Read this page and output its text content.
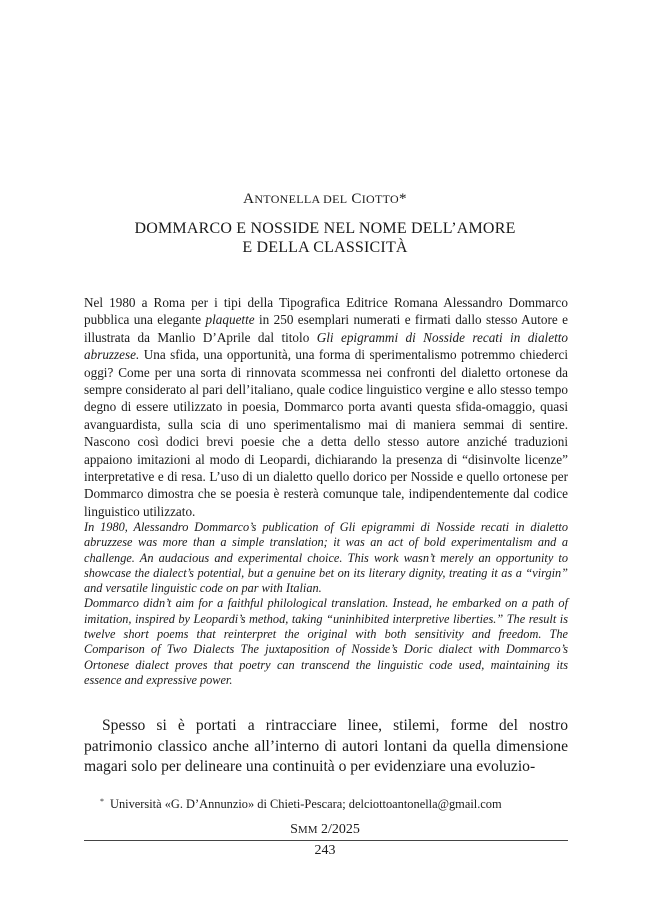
ANTONELLA DEL CIOTTO*
DOMMARCO E NOSSIDE NEL NOME DELL’AMORE
E DELLA CLASSICITÀ
Nel 1980 a Roma per i tipi della Tipografica Editrice Romana Alessandro Dommarco pubblica una elegante plaquette in 250 esemplari numerati e firmati dallo stesso Autore e illustrata da Manlio D’Aprile dal titolo Gli epigrammi di Nosside recati in dialetto abruzzese. Una sfida, una opportunità, una forma di sperimentalismo potremmo chiederci oggi? Come per una sorta di rinnovata scommessa nei confronti del dialetto ortonese da sempre considerato al pari dell’italiano, quale codice linguistico vergine e allo stesso tempo degno di essere utilizzato in poesia, Dommarco porta avanti questa sfida-omaggio, quasi avanguardista, sulla scia di uno sperimentalismo mai di maniera semmai di sentire. Nascono così dodici brevi poesie che a detta dello stesso autore anziché traduzioni appaiono imitazioni al modo di Leopardi, dichiarando la presenza di “disinvolte licenze” interpretative e di resa. L’uso di un dialetto quello dorico per Nosside e quello ortonese per Dommarco dimostra che se poesia è resterà comunque tale, indipendentemente dal codice linguistico utilizzato.

In 1980, Alessandro Dommarco’s publication of Gli epigrammi di Nosside recati in dialetto abruzzese was more than a simple translation; it was an act of bold experimentalism and a challenge. An audacious and experimental choice. This work wasn’t merely an opportunity to showcase the dialect’s potential, but a genuine bet on its literary dignity, treating it as a “virgin” and versatile linguistic code on par with Italian.

Dommarco didn’t aim for a faithful philological translation. Instead, he embarked on a path of imitation, inspired by Leopardi’s method, taking “uninhibited interpretive liberties.” The result is twelve short poems that reinterpret the original with both sensitivity and freedom. The Comparison of Two Dialects The juxtaposition of Nosside’s Doric dialect with Dommarco’s Ortonese dialect proves that poetry can transcend the linguistic code used, maintaining its essence and expressive power.

Spesso si è portati a rintracciare linee, stilemi, forme del nostro patrimonio classico anche all’interno di autori lontani da quella dimensione magari solo per delineare una continuità o per evidenziare una evoluzio-
* Università «G. D’Annunzio» di Chieti-Pescara; delciottoantonella@gmail.com
SMM 2/2025
243
